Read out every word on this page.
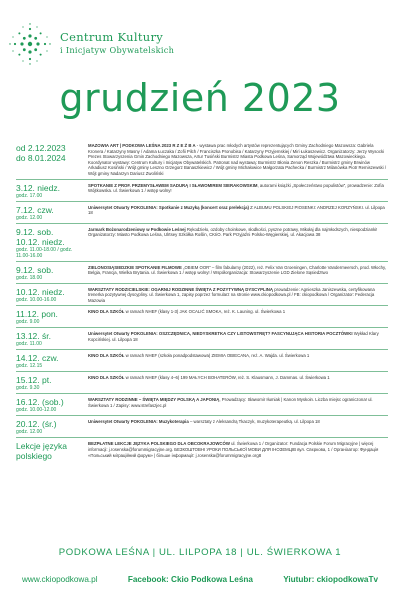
Centrum Kultury
i Inicjatyw Obywatelskich
grudzień 2023
od 2.12.2023
do 8.01.2024
MAZOWIA ART | PODKOWA LEŚNA 2023 R Z E Ź B A - wystawa prac młodych artystów reprezentujących Gminy Zachodniego Mazowsza: Gabriela Kronera / Katarzyny Masny / Adama Łuczaka / Zofii Pilch / Franciszka Pronobisa / Katarzyny Przyjemskiej / Miri Łukaszewicz. Organizatorzy: Jerzy Wysocki Prezes Stowarzyszenia Gmin Zachodniego Mazowsza, Artur Tusiński Burmistrz Miasta Podkowa Leśna, Samorząd Województwa Mazowieckiego. Koordynator wystawy: Centrum Kultury i Inicjatyw Obywatelskich. Patronat nad wystawą: Burmistrz Błonia Zenon Reszka / Burmistrz gminy Brwinów Arkadiusz Kosiński / Wójt gminy Leszno Grzegorz Banaszkiewicz / Wójt gminy Michałowice Małgorzata Pachecka / Burmistrz Milanówka Piotr Remiszewski / Wójt gminy Nadarzyn Dariusz Zwoliński
3.12. niedz.
godz. 17.00
SPOTKANIE Z PROF. PRZEMYSŁAWEM SADURĄ I SŁAWOMIREM SIERAKOWSKIM, autorami książki „Społeczeństwo populistów”, prowadzenie: Zofia Wójtkowska. ul. Świerkowa 1 / wstęp wolny!
7.12. czw.
godz. 12.00
Uniwersytet Otwarty POKOLENIA: Spotkanie z Muzyką (koncert oraz prelekcja) Z ALBUMU POLSKIEJ PIOSENKI: ANDRZEJ KORZYŃSKI. ul. Lilpopa 18
9.12. sob.
10.12. niedz.
godz. 11.00-18.00 / godz. 11.00-16.00
Jarmark Bożonarodzeniowy w Podkowie Leśnej Rękodzieło, ozdoby choinkowe, słodkości, pyszne potrawy, Mikołaj dla najmłodszych, niespodzianki! Organizatorzy: Miasto Podkowa Leśna, Ulrtsey Szkółka Roślin, CKIiO. Park Przyjaźni Polsko-Węgierskiej, ul. Akacjowa 38
9.12. sob.
godz. 18.00
ZIELONOSIĄSIEDZKIE SPOTKANIE FILMOWE „OBIEM OOR” – film fabularny (2022), reż. Felix Van Groeningen, Charlotte Vandermeersch, prod. Włochy, Belgia, Francja, Wielka Brytania. ul. Świerkowa 1 / wstęp wolny! / Współorganizacja: Stowarzyszenie LGD Zielone Sąsiedztwo
10.12. niedz.
godz. 10.00-16.00
WARSZTATY RODZICIELSKIE: OGARNIJ RODZINNE ŚWIĘTA Z POZYTYWNĄ DYSCYPLINĄ prowadzenie: Agnieszka Janiszewska, certyfikowana trenerka pozytywnej dyscypliny. ul. Świerkowa 1, zapisy poprzez formularz na stronie www.ckiopodkowa.pl / FB: ckiopodkowa / Organizator: Federacja Mazowia
11.12. pon.
godz. 9.00
KINO DLA SZKÓŁ w ramach NHEF (klasy 1-3) JAK OCALIĆ SMOKA, reż. K. Launing. ul. Świerkowa 1
13.12. śr.
godz. 11.00
Uniwersytet Otwarty POKOLENIA: OSZCZĘDNICA, NIEDYSKRETKA CZY LISTOWSTRĘT? FASCYNUJĄCA HISTORIA POCZTÓWKI Wykład Klary Kopcińskiej. ul. Lilpopa 18
14.12. czw.
godz. 12.15
KINO DLA SZKÓŁ w ramach NHEF (szkoła ponadpodstawowa) ZIEMIA OBIECANA, reż. A. Wajda. ul. Świerkowa 1
15.12. pt.
godz. 9.30
KINO DLA SZKÓŁ w ramach NHEF (klasy 4–6) 199 MAŁYCH BOHATERÓW, reż. S. Klausmann, J. Dammas. ul. Świerkowa 1
16.12. (sob.)
godz. 10.00-12.00
WARSZTATY RODZINNE – ŚWIĘTA MIĘDZY POLSKĄ A JAPONIĄ, Prowadzący: Sławomir Iłumiak | Kanon Myskoin. Liczba miejsc ograniczona! ul. Świerkowa 1 / Zapisy: www.strefaszjec.pl
20.12. (śr.)
godz. 12.00
Uniwersytet Otwarty POKOLENIA: Muzykoterapia – warsztaty z Aleksandrą Tkaczyk, muzykoterapeutką. ul. Lilpopa 18
Lekcje języka
polskiego
BEZPŁATNE LEKCJE JĘZYKA POLSKIEGO DLA OBCOKRAJOWCÓW ul. Świerkowa 1 / Organizator: Fundacja Polskie Forum Migracyjne | więcej informacji: j.rosenska@forummigracyjne.org. БЕЗКОШТОВНІ УРОКИ ПОЛЬСЬКОЇ МОВИ ДЛЯ ІНОЗЕМЦІВ вул. Свєркова, 1 / Організатор: Фундація «Польський міграційний форум» | більше інформації: j.rosenska@forummigracyjne.org8
PODKOWA LEŚNA | UL. LILPOPA 18 | UL. ŚWIERKOWA 1
www.ckiopodkowa.pl	Facebook: Ckio Podkowa Leśna	Yiutubr: ckiopodkowaTv
